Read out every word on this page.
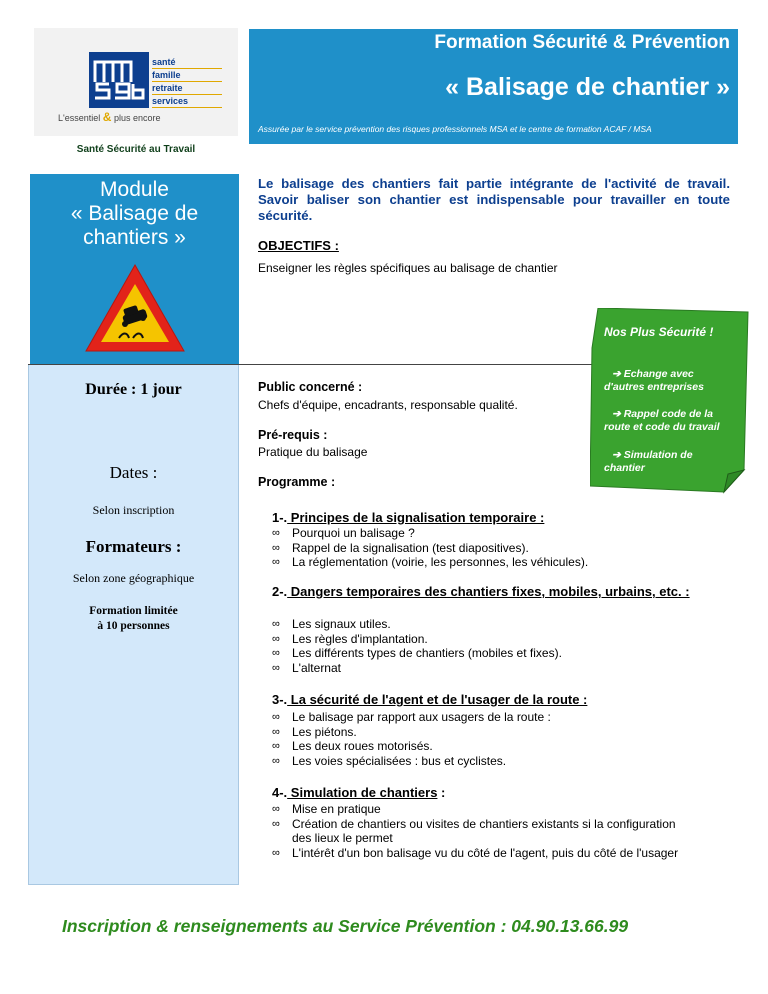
santé
famille
retraite
services
L'essentiel & plus encore
Santé Sécurité au Travail
Formation Sécurité & Prévention
« Balisage de chantier »
Assurée par le service prévention des risques professionnels MSA et le centre de formation ACAF / MSA
Module
« Balisage de
chantiers »
Durée : 1 jour
Dates :
Selon inscription
Formateurs :
Selon zone géographique
Formation limitée
à 10 personnes
Le balisage des chantiers fait partie intégrante de l'activité de travail. Savoir baliser son chantier est indispensable pour travailler en toute sécurité.
OBJECTIFS :
Enseigner les règles spécifiques au balisage de chantier
Nos Plus Sécurité !
➔ Echange avec
d'autres entreprises
➔ Rappel code de la
route et code du travail
➔ Simulation de
chantier
Public concerné :
Chefs d'équipe, encadrants, responsable qualité.
Pré-requis :
Pratique du balisage
Programme :
1-. Principes de la signalisation temporaire :
∞ Pourquoi un balisage ?
∞ Rappel de la signalisation (test diapositives).
∞ La réglementation (voirie, les personnes, les véhicules).
2-. Dangers temporaires des chantiers fixes, mobiles, urbains, etc. :
∞ Les signaux utiles.
∞ Les règles d'implantation.
∞ Les différents types de chantiers (mobiles et fixes).
∞ L'alternat
3-. La sécurité de l'agent et de l'usager de la route :
∞ Le balisage par rapport aux usagers de la route :
∞ Les piétons.
∞ Les deux roues motorisés.
∞ Les voies spécialisées : bus et cyclistes.
4-. Simulation de chantiers :
∞ Mise en pratique
∞ Création de chantiers ou visites de chantiers existants si la configuration des lieux le permet
∞ L'intérêt d'un bon balisage vu du côté de l'agent, puis du côté de l'usager
Inscription & renseignements au Service Prévention : 04.90.13.66.99
